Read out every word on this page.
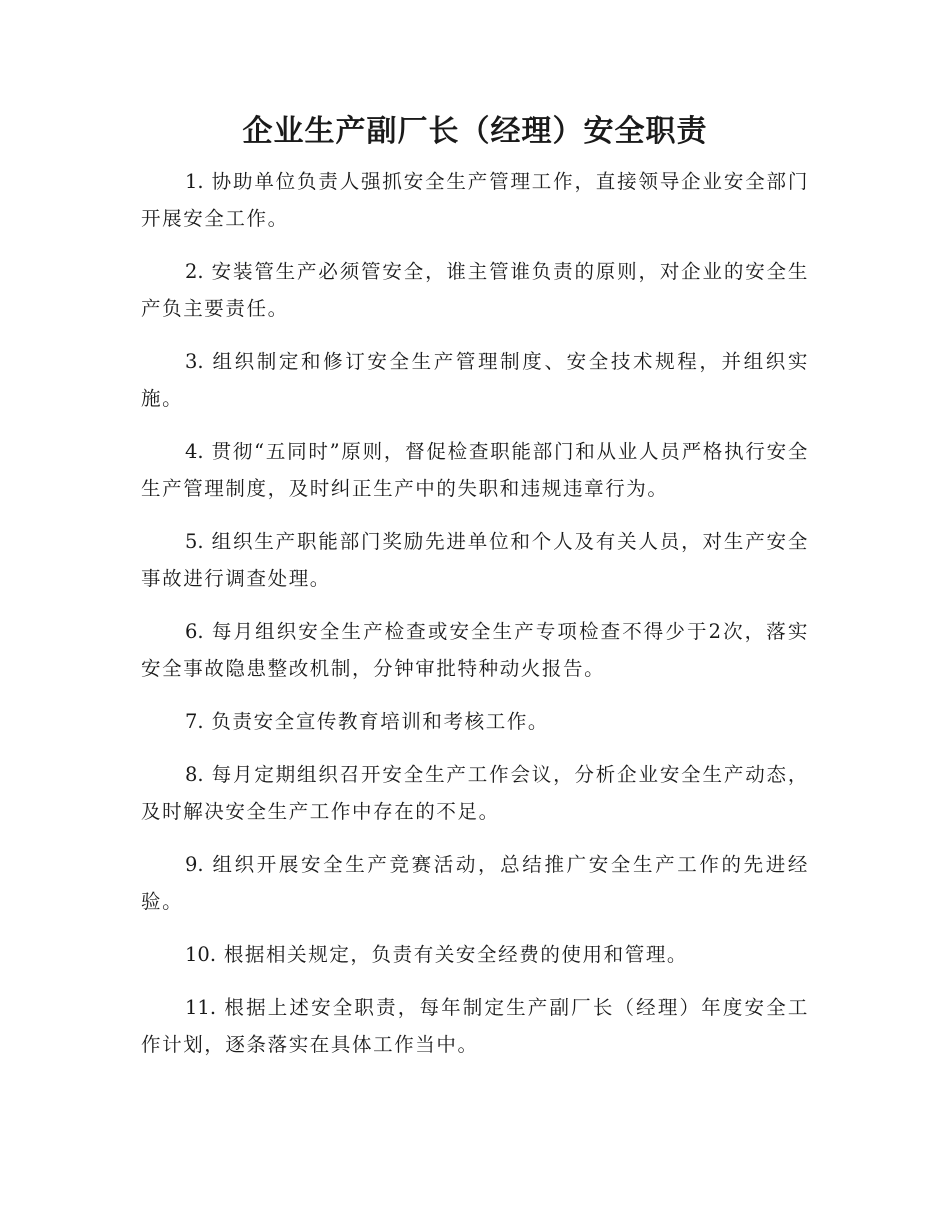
企业生产副厂长（经理）安全职责

1. 协助单位负责人强抓安全生产管理工作，直接领导企业安全部门开展安全工作。

2. 安装管生产必须管安全，谁主管谁负责的原则，对企业的安全生产负主要责任。

3. 组织制定和修订安全生产管理制度、安全技术规程，并组织实施。

4. 贯彻“五同时”原则，督促检查职能部门和从业人员严格执行安全生产管理制度，及时纠正生产中的失职和违规违章行为。

5. 组织生产职能部门奖励先进单位和个人及有关人员，对生产安全事故进行调查处理。

6. 每月组织安全生产检查或安全生产专项检查不得少于2次，落实安全事故隐患整改机制，分钟审批特种动火报告。

7. 负责安全宣传教育培训和考核工作。

8. 每月定期组织召开安全生产工作会议，分析企业安全生产动态，及时解决安全生产工作中存在的不足。

9. 组织开展安全生产竞赛活动，总结推广安全生产工作的先进经验。

10. 根据相关规定，负责有关安全经费的使用和管理。

11. 根据上述安全职责，每年制定生产副厂长（经理）年度安全工作计划，逐条落实在具体工作当中。
